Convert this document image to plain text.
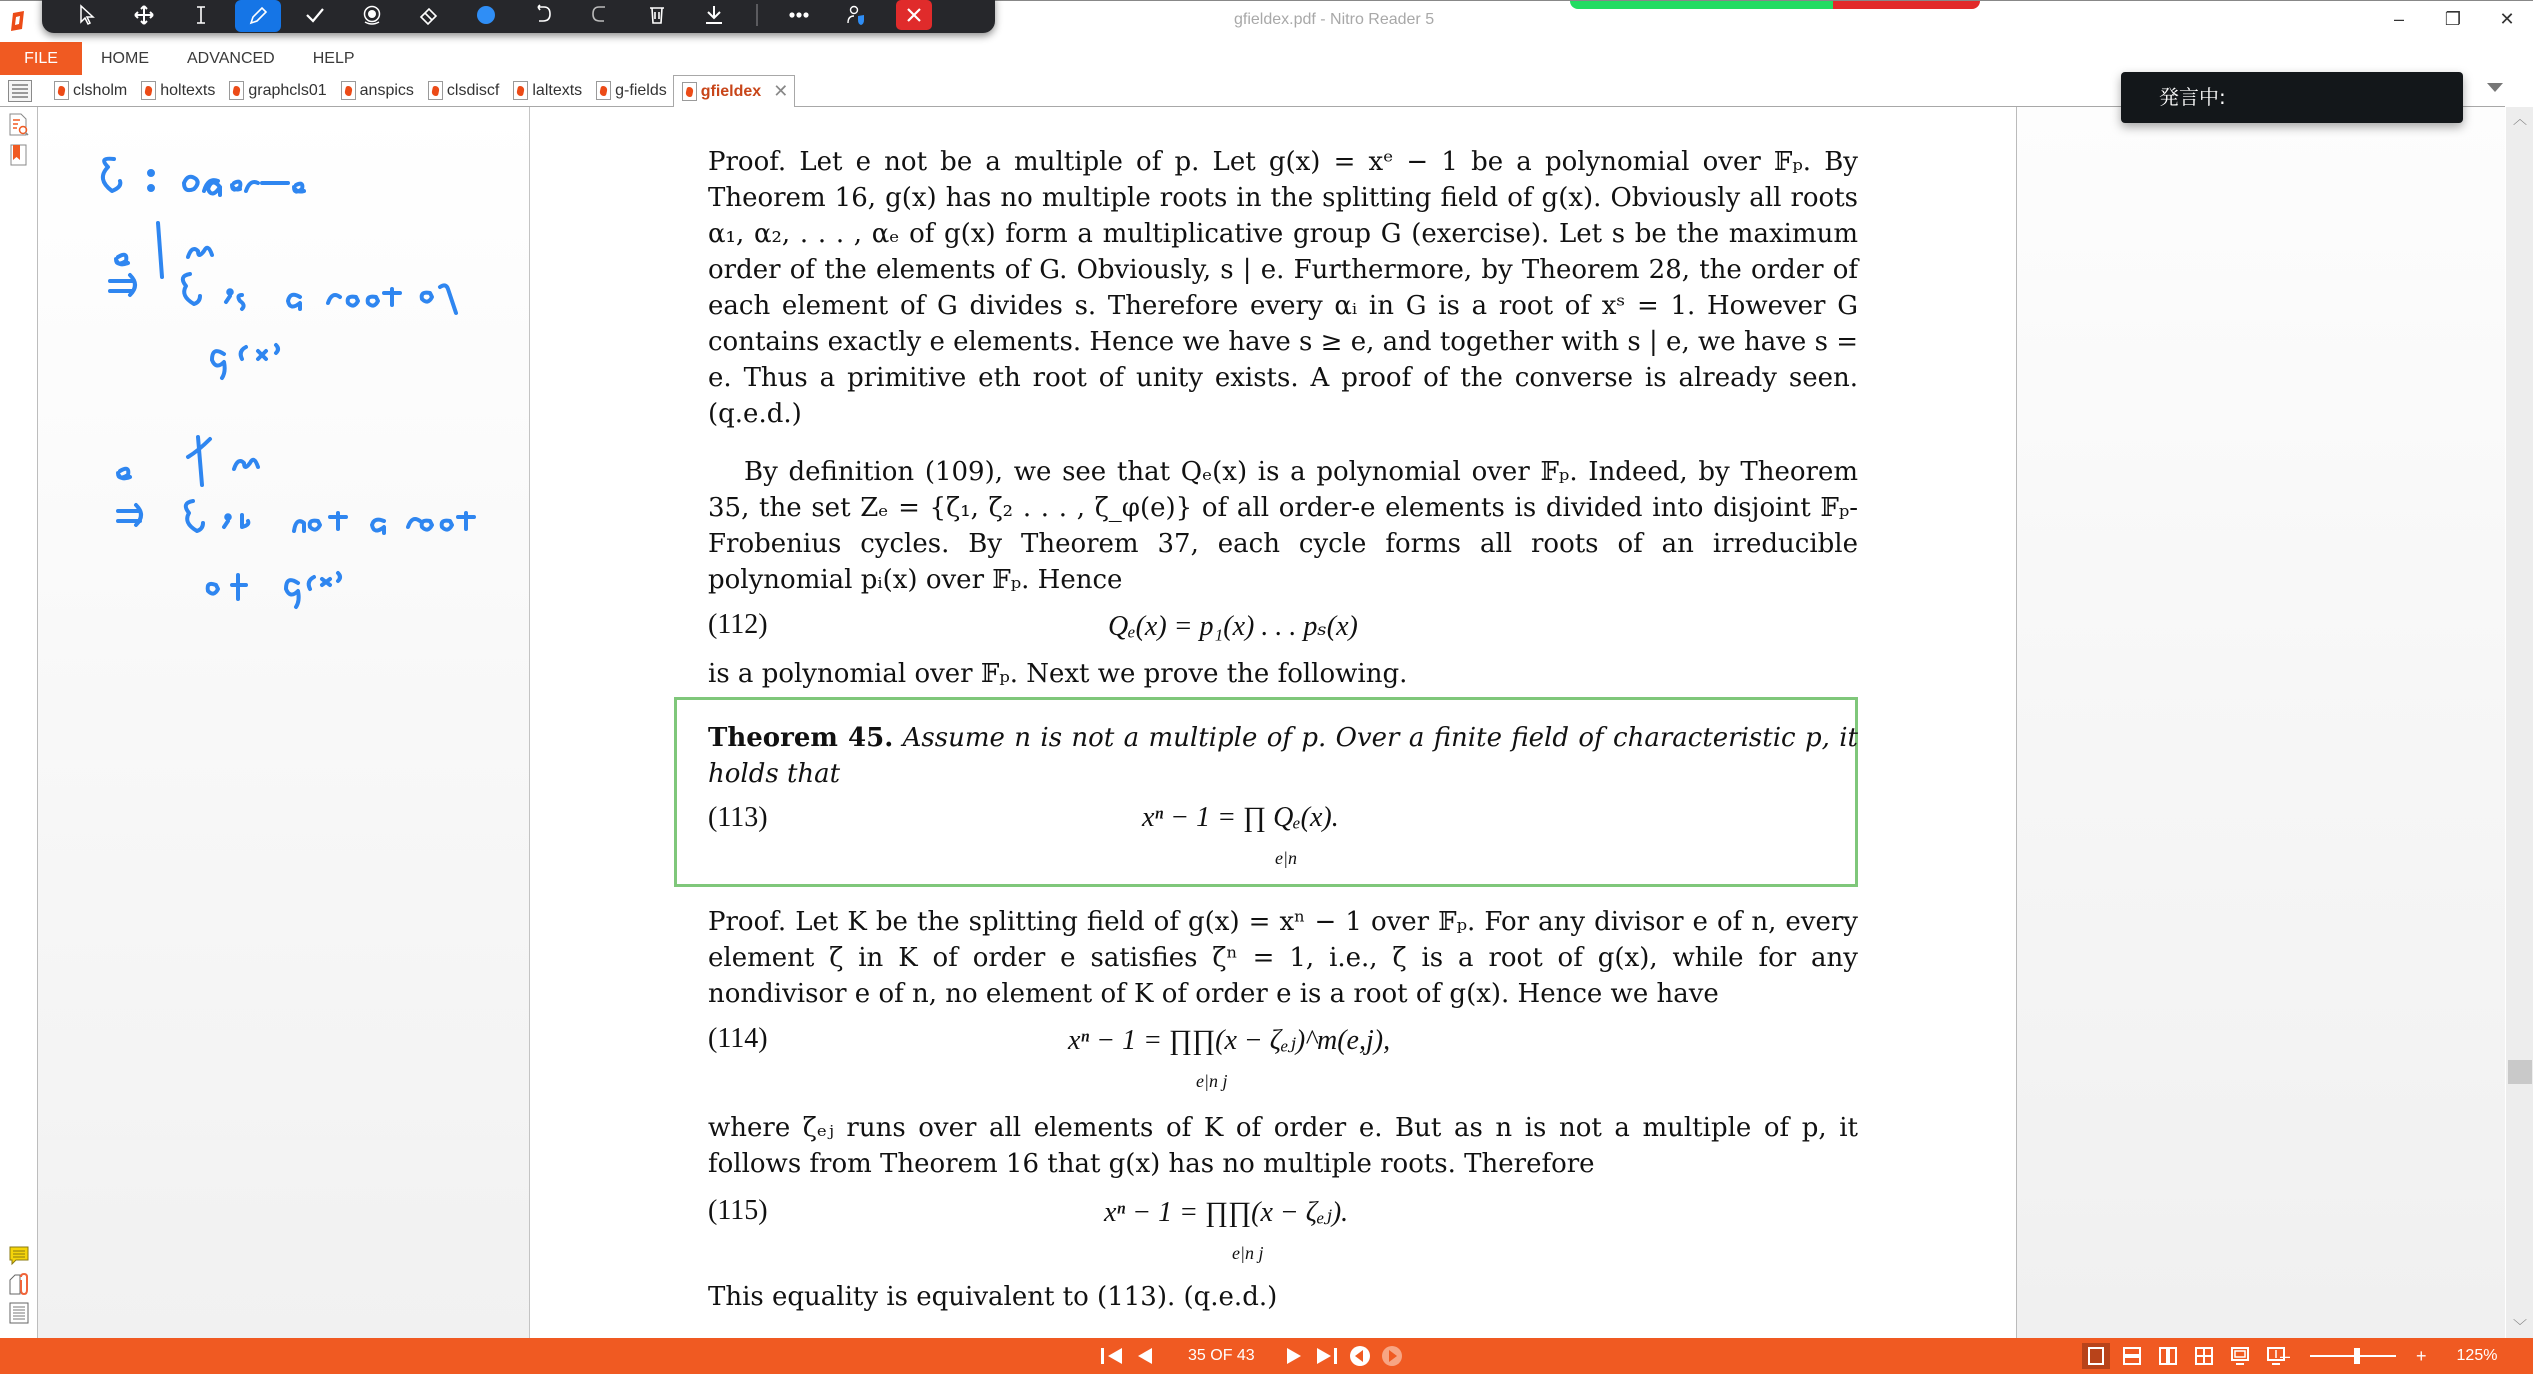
gfieldex.pdf - Nitro Reader 5	–	❐ ✕
FILE	HOME	ADVANCED	HELP
clsholm holtexts graphcls01 anspics clsdiscf laltexts g-fields gfieldex ✕
Proof. Let e not be a multiple of p. Let g(x) = xᵉ − 1 be a polynomial over 𝔽ₚ. By Theorem 16, g(x) has no multiple roots in the splitting field of g(x). Obviously all roots α₁, α₂, . . . , αₑ of g(x) form a multiplicative group G (exercise). Let s be the maximum order of the elements of G. Obviously, s | e. Furthermore, by Theorem 28, the order of each element of G divides s. Therefore every αᵢ in G is a root of xˢ = 1. However G contains exactly e elements. Hence we have s ≥ e, and together with s | e, we have s = e. Thus a primitive eth root of unity exists. A proof of the converse is already seen. (q.e.d.)
By definition (109), we see that Qₑ(x) is a polynomial over 𝔽ₚ. Indeed, by Theorem 35, the set Zₑ = {ζ₁, ζ₂ . . . , ζ_φ(e)} of all order-e elements is divided into disjoint 𝔽ₚ-Frobenius cycles. By Theorem 37, each cycle forms all roots of an irreducible polynomial pᵢ(x) over 𝔽ₚ. Hence
(112)	Qₑ(x) = p₁(x) . . . pₛ(x)
is a polynomial over 𝔽ₚ. Next we prove the following.
Theorem 45. Assume n is not a multiple of p. Over a finite field of characteristic p, it holds that
(113)	xⁿ − 1 = ∏ Qₑ(x).
e|n
Proof. Let K be the splitting field of g(x) = xⁿ − 1 over 𝔽ₚ. For any divisor e of n, every element ζ in K of order e satisfies ζⁿ = 1, i.e., ζ is a root of g(x), while for any nondivisor e of n, no element of K of order e is a root of g(x). Hence we have
(114)	xⁿ − 1 = ∏∏(x − ζₑⱼ)^m(e,j),
e|n j
where ζₑⱼ runs over all elements of K of order e. But as n is not a multiple of p, it follows from Theorem 16 that g(x) has no multiple roots. Therefore
(115)	xⁿ − 1 = ∏∏(x − ζₑⱼ).
e|n j
This equality is equivalent to (113). (q.e.d.)
︿
﹀
発言中:
35 OF 43	–	+ 125%
